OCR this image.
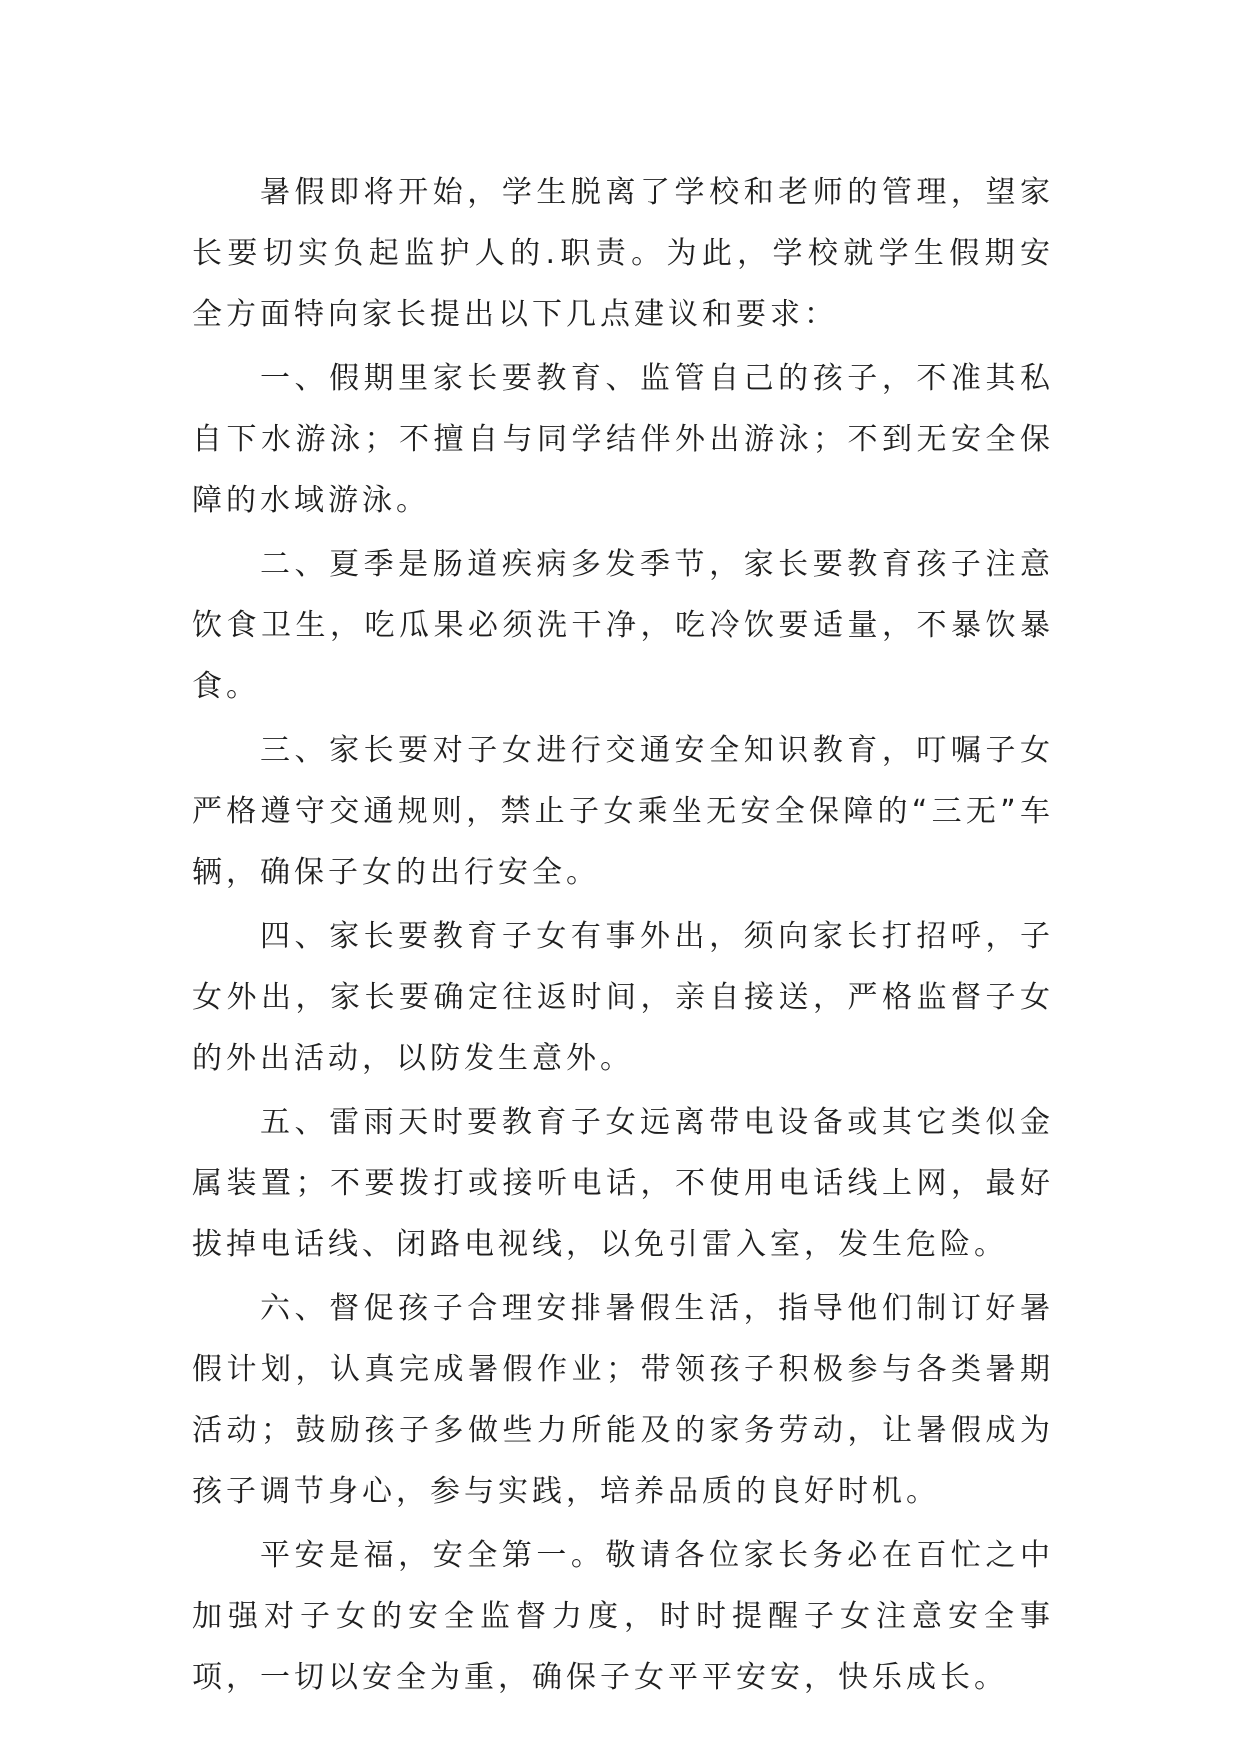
暑假即将开始，学生脱离了学校和老师的管理，望家长要切实负起监护人的.职责。为此，学校就学生假期安全方面特向家长提出以下几点建议和要求：

一、假期里家长要教育、监管自己的孩子，不准其私自下水游泳；不擅自与同学结伴外出游泳；不到无安全保障的水域游泳。

二、夏季是肠道疾病多发季节，家长要教育孩子注意饮食卫生，吃瓜果必须洗干净，吃冷饮要适量，不暴饮暴食。

三、家长要对子女进行交通安全知识教育，叮嘱子女严格遵守交通规则，禁止子女乘坐无安全保障的“三无”车辆，确保子女的出行安全。

四、家长要教育子女有事外出，须向家长打招呼，子女外出，家长要确定往返时间，亲自接送，严格监督子女的外出活动，以防发生意外。

五、雷雨天时要教育子女远离带电设备或其它类似金属装置；不要拨打或接听电话，不使用电话线上网，最好拔掉电话线、闭路电视线，以免引雷入室，发生危险。

六、督促孩子合理安排暑假生活，指导他们制订好暑假计划，认真完成暑假作业；带领孩子积极参与各类暑期活动；鼓励孩子多做些力所能及的家务劳动，让暑假成为孩子调节身心，参与实践，培养品质的良好时机。

平安是福，安全第一。敬请各位家长务必在百忙之中加强对子女的安全监督力度，时时提醒子女注意安全事项，一切以安全为重，确保子女平平安安，快乐成长。
